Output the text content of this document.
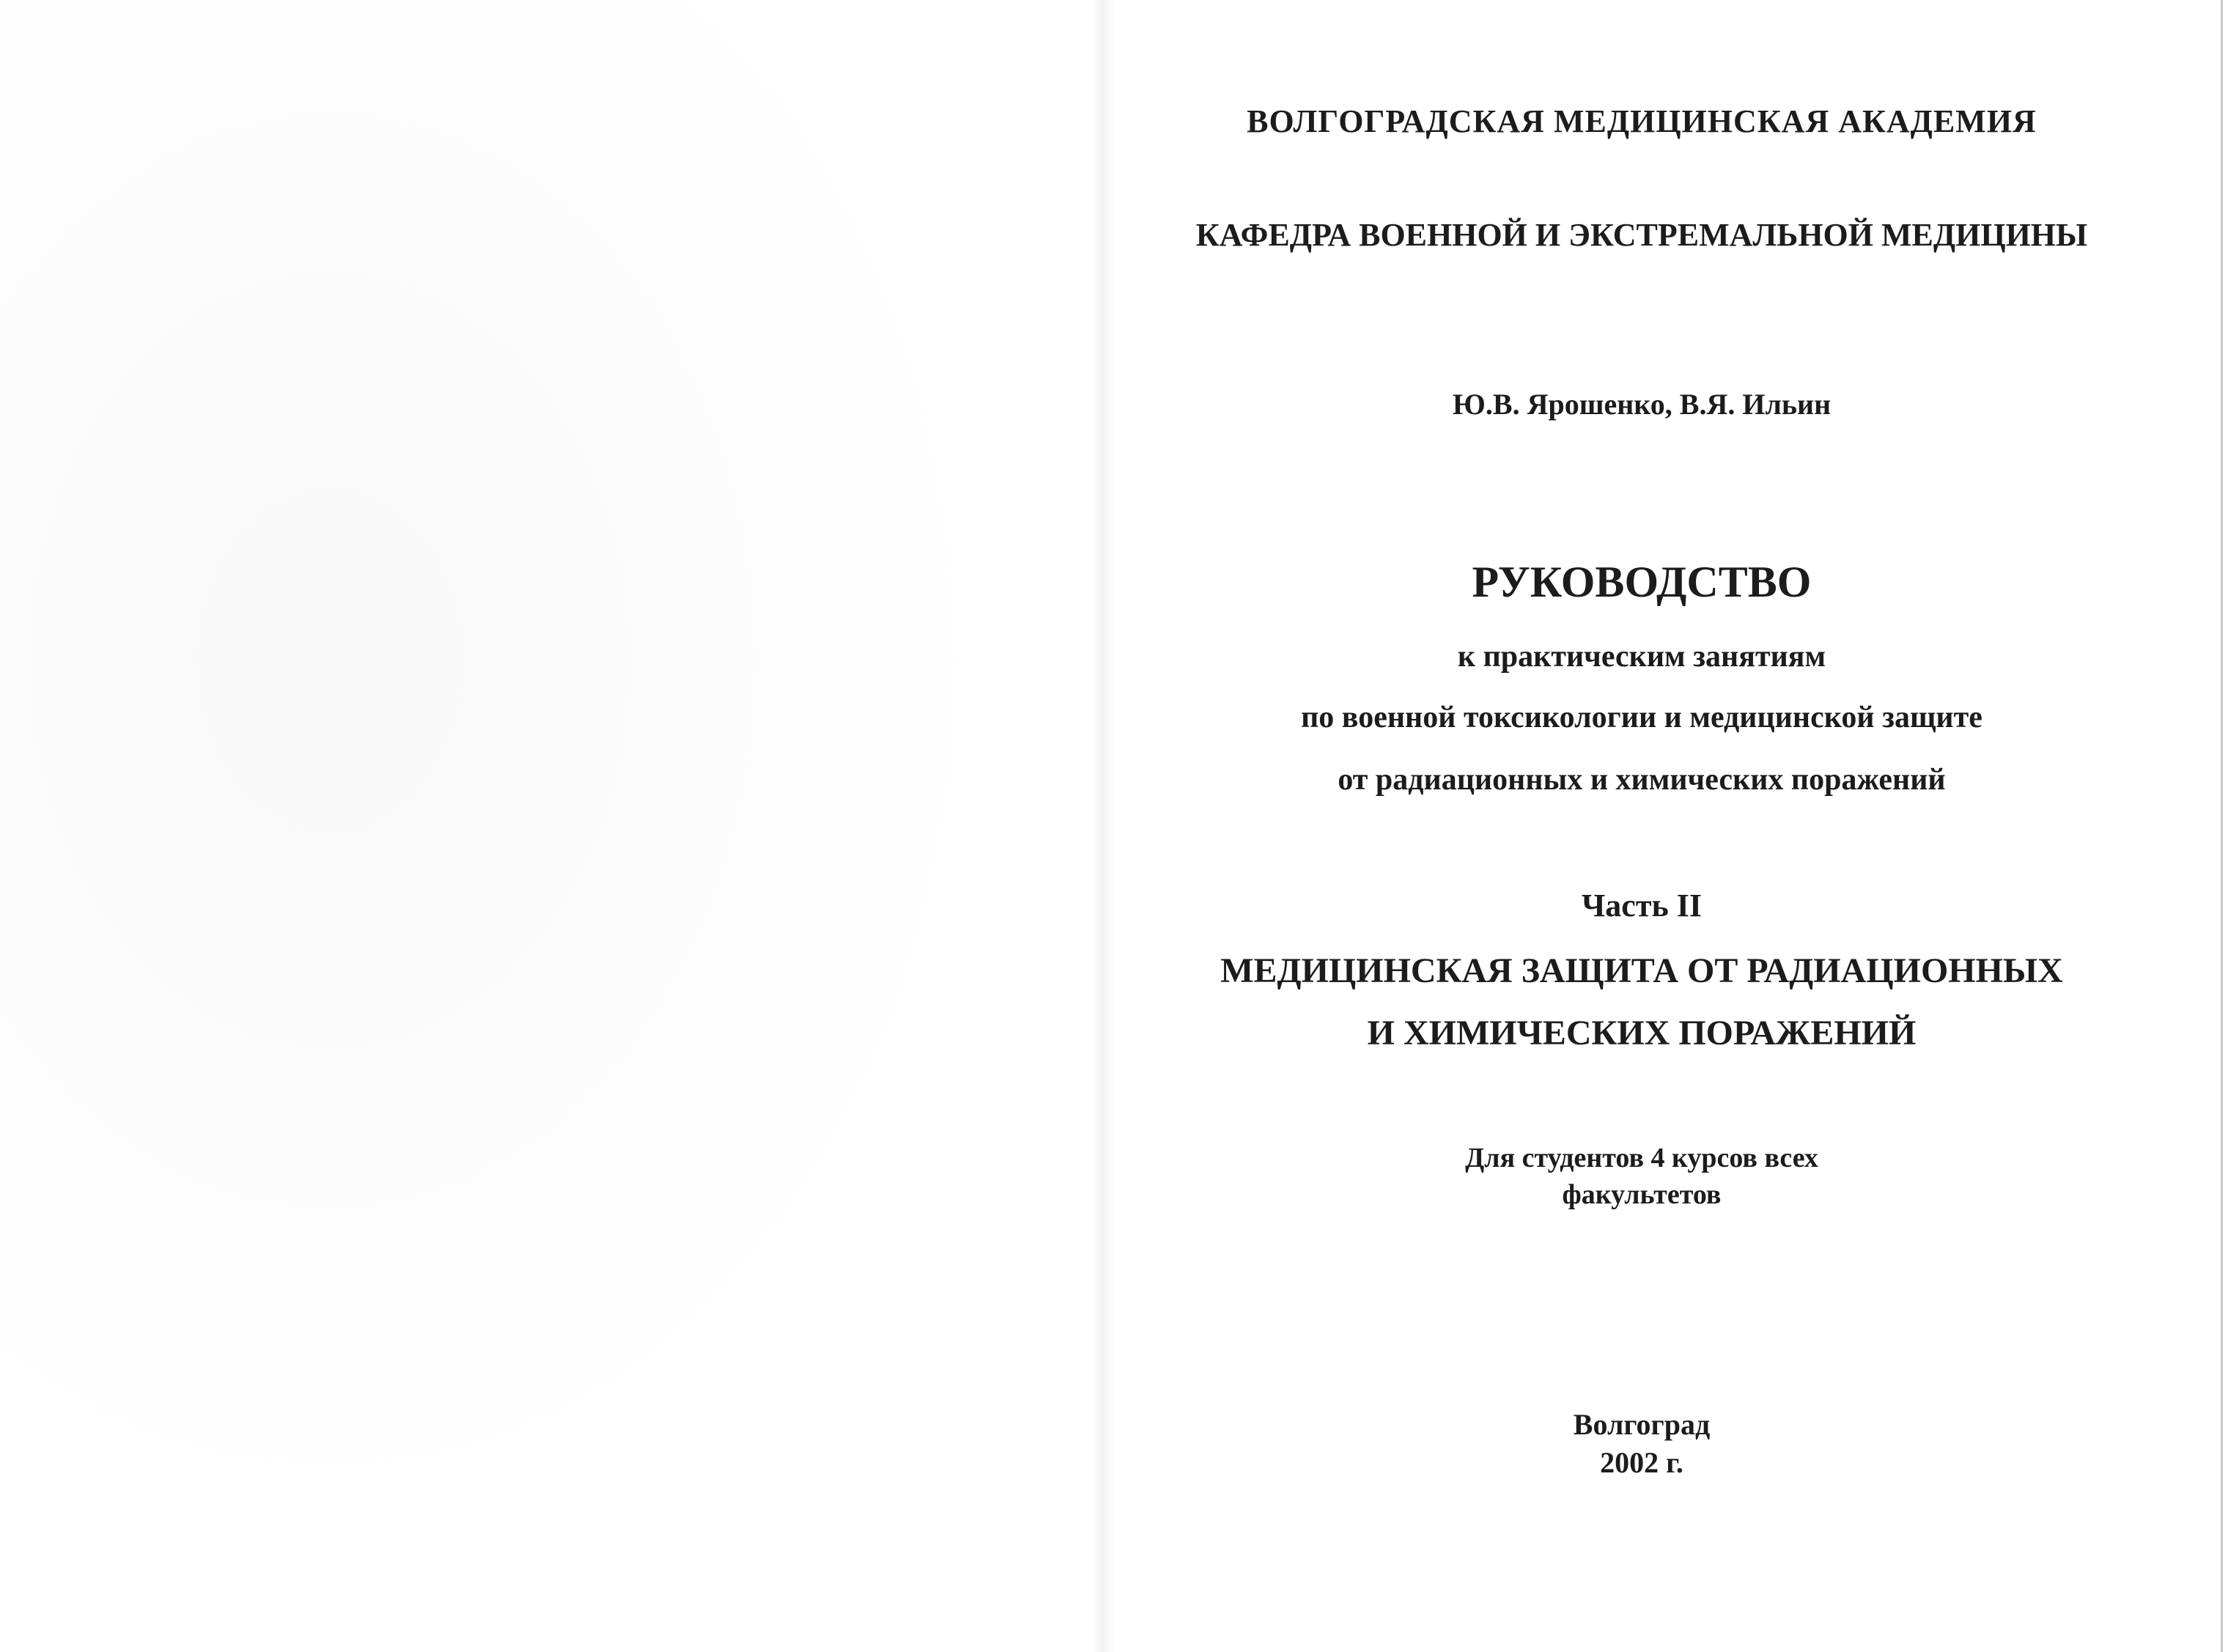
ВОЛГОГРАДСКАЯ МЕДИЦИНСКАЯ АКАДЕМИЯ
КАФЕДРА ВОЕННОЙ И ЭКСТРЕМАЛЬНОЙ МЕДИЦИНЫ
Ю.В. Ярошенко, В.Я. Ильин
РУКОВОДСТВО
к практическим занятиям
по военной токсикологии и медицинской защите
от радиационных и химических поражений
Часть II
МЕДИЦИНСКАЯ ЗАЩИТА ОТ РАДИАЦИОННЫХ
И ХИМИЧЕСКИХ ПОРАЖЕНИЙ
Для студентов 4 курсов всех
факультетов
Волгоград
2002 г.
